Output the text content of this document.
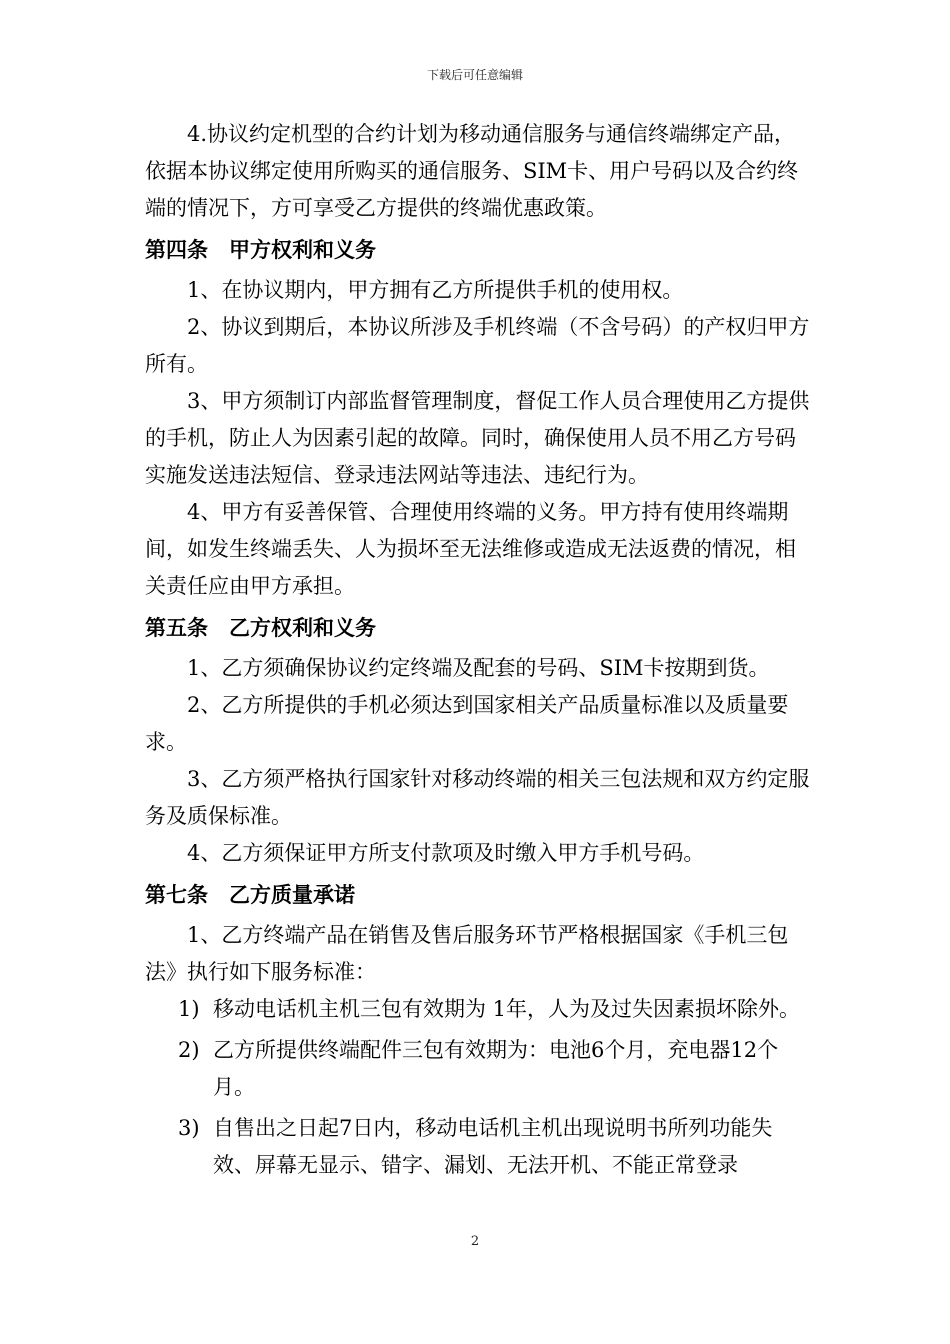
下载后可任意编辑

4.协议约定机型的合约计划为移动通信服务与通信终端绑定产品，依据本协议绑定使用所购买的通信服务、SIM卡、用户号码以及合约终端的情况下，方可享受乙方提供的终端优惠政策。

第四条 甲方权利和义务

1、在协议期内，甲方拥有乙方所提供手机的使用权。

2、协议到期后，本协议所涉及手机终端（不含号码）的产权归甲方所有。

3、甲方须制订内部监督管理制度，督促工作人员合理使用乙方提供的手机，防止人为因素引起的故障。同时，确保使用人员不用乙方号码实施发送违法短信、登录违法网站等违法、违纪行为。

4、甲方有妥善保管、合理使用终端的义务。甲方持有使用终端期间，如发生终端丢失、人为损坏至无法维修或造成无法返费的情况，相关责任应由甲方承担。

第五条 乙方权利和义务

1、乙方须确保协议约定终端及配套的号码、SIM卡按期到货。

2、乙方所提供的手机必须达到国家相关产品质量标准以及质量要求。

3、乙方须严格执行国家针对移动终端的相关三包法规和双方约定服务及质保标准。

4、乙方须保证甲方所支付款项及时缴入甲方手机号码。

第七条 乙方质量承诺

1、乙方终端产品在销售及售后服务环节严格根据国家《手机三包法》执行如下服务标准：

1) 移动电话机主机三包有效期为 1年，人为及过失因素损坏除外。
2) 乙方所提供终端配件三包有效期为：电池6个月，充电器12个月。
3) 自售出之日起7日内，移动电话机主机出现说明书所列功能失效、屏幕无显示、错字、漏划、无法开机、不能正常登录
2
